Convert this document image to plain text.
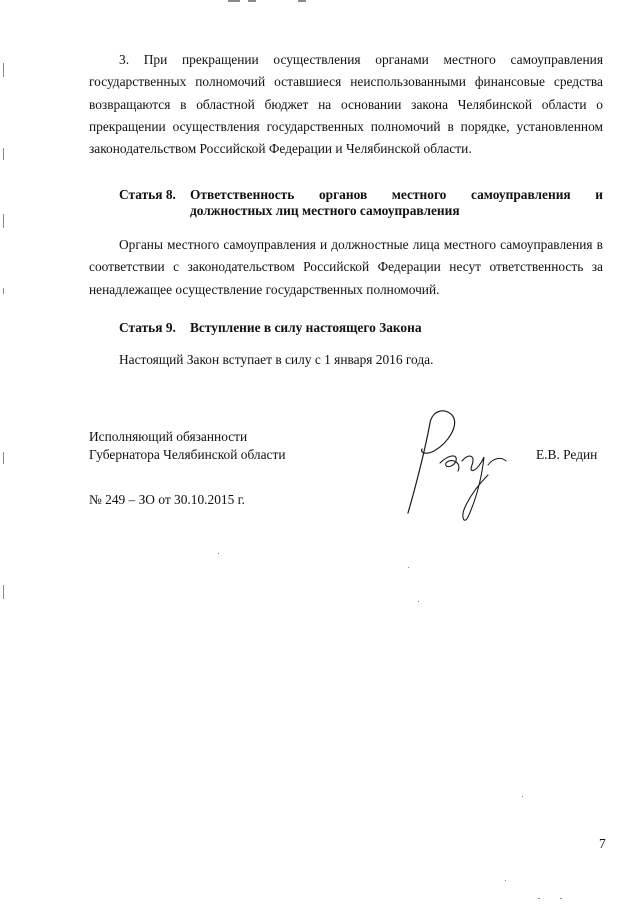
3. При прекращении осуществления органами местного самоуправления государственных полномочий оставшиеся неиспользованными финансовые средства возвращаются в областной бюджет на основании закона Челябинской области о прекращении осуществления государственных полномочий в порядке, установленном законодательством Российской Федерации и Челябинской области.

Статья 8. Ответственность органов местного самоуправления и должностных лиц местного самоуправления

Органы местного самоуправления и должностные лица местного самоуправления в соответствии с законодательством Российской Федерации несут ответственность за ненадлежащее осуществление государственных полномочий.

Статья 9. Вступление в силу настоящего Закона

Настоящий Закон вступает в силу с 1 января 2016 года.

Исполняющий обязанности

Губернатора Челябинской области	Е.В. Редин

№ 249 – ЗО от 30.10.2015 г.

7
